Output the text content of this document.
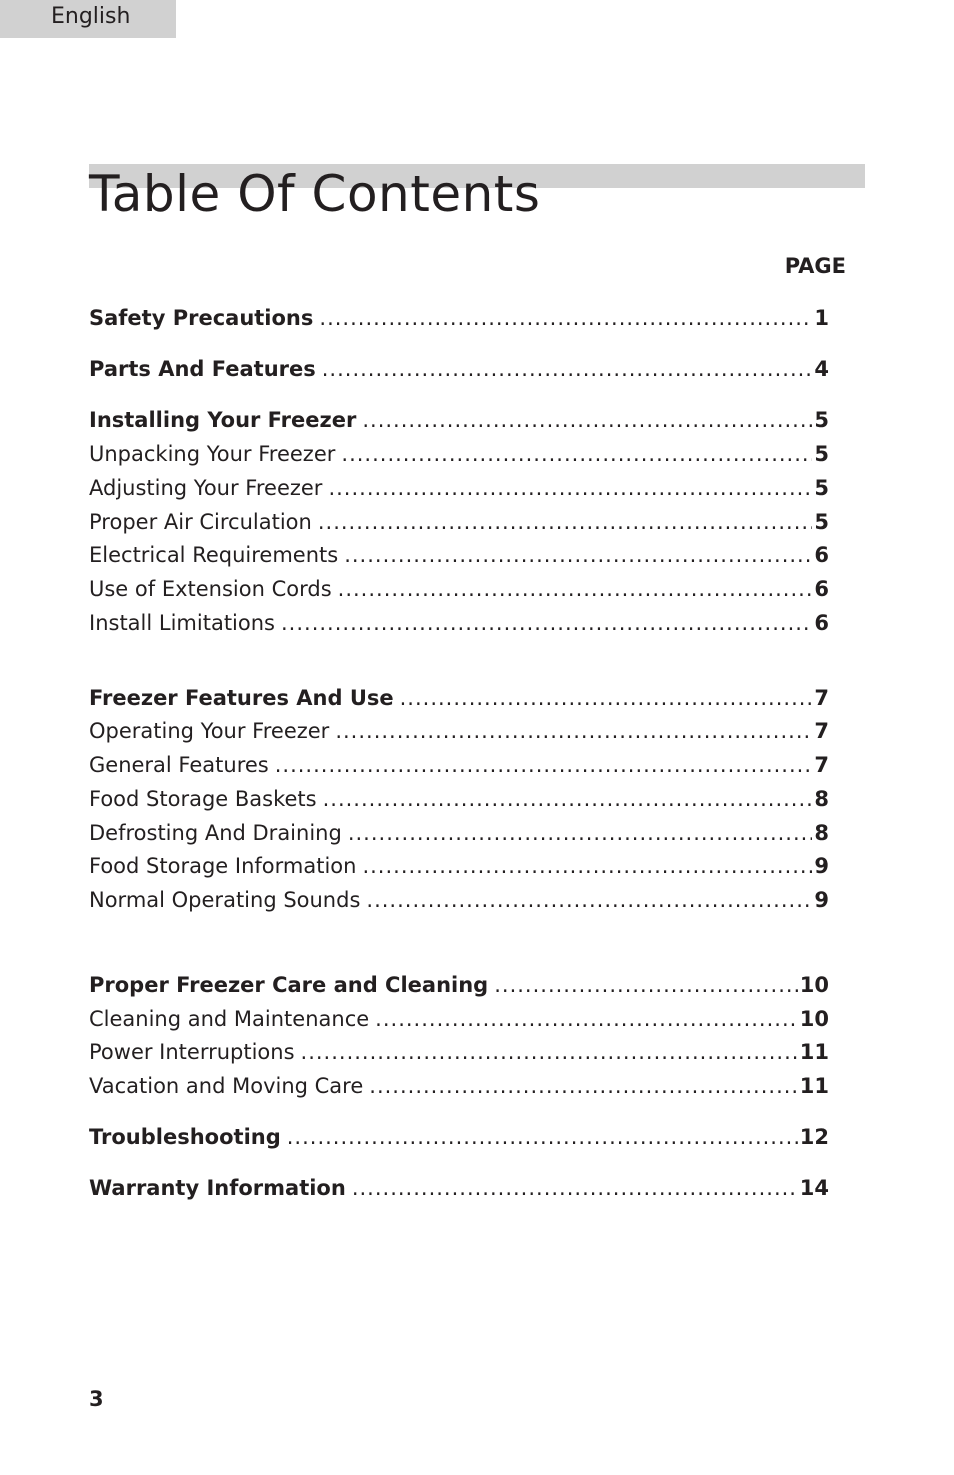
English
Table Of Contents
PAGE
Safety Precautions .....	1
Parts And Features .....	4
Installing Your Freezer .....	5
Unpacking Your Freezer .....	5
Adjusting Your Freezer .....	5
Proper Air Circulation .....	5
Electrical Requirements .....	6
Use of Extension Cords .....	6
Install Limitations .....	6
Freezer Features And Use .....	7
Operating Your Freezer .....	7
General Features .....	7
Food Storage Baskets .....	8
Defrosting And Draining .....	8
Food Storage Information .....	9
Normal Operating Sounds .....	9
Proper Freezer Care and Cleaning .....	10
Cleaning and Maintenance .....	10
Power Interruptions .....	11
Vacation and Moving Care .....	11
Troubleshooting .....	12
Warranty Information .....	14
3
